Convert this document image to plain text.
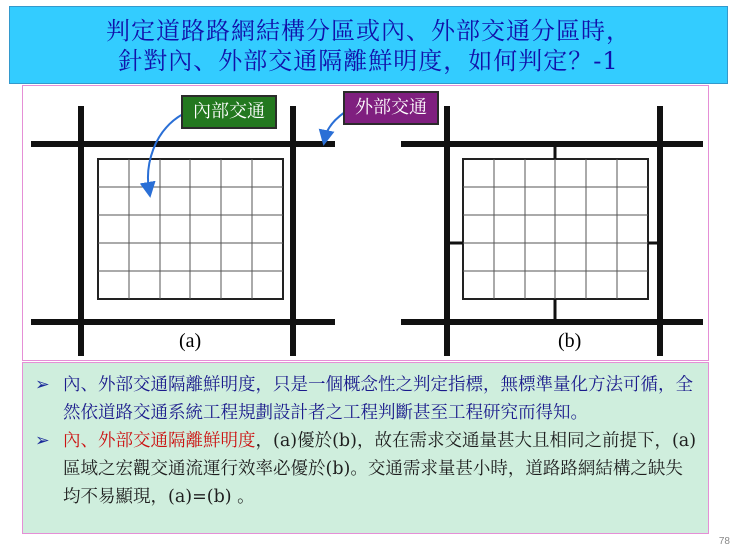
判定道路路網結構分區或內、外部交通分區時，
針對內、外部交通隔離鮮明度，如何判定？-1
內部交通	外部交通
(a)	(b)
➢ 內、外部交通隔離鮮明度，只是一個概念性之判定指標，無標準量化方法可循，全然依道路交通系統工程規劃設計者之工程判斷甚至工程研究而得知。
➢ 內、外部交通隔離鮮明度，(a)優於(b)，故在需求交通量甚大且相同之前提下，(a)區域之宏觀交通流運行效率必優於(b)。交通需求量甚小時，道路路網結構之缺失均不易顯現，(a)=(b) 。
78
